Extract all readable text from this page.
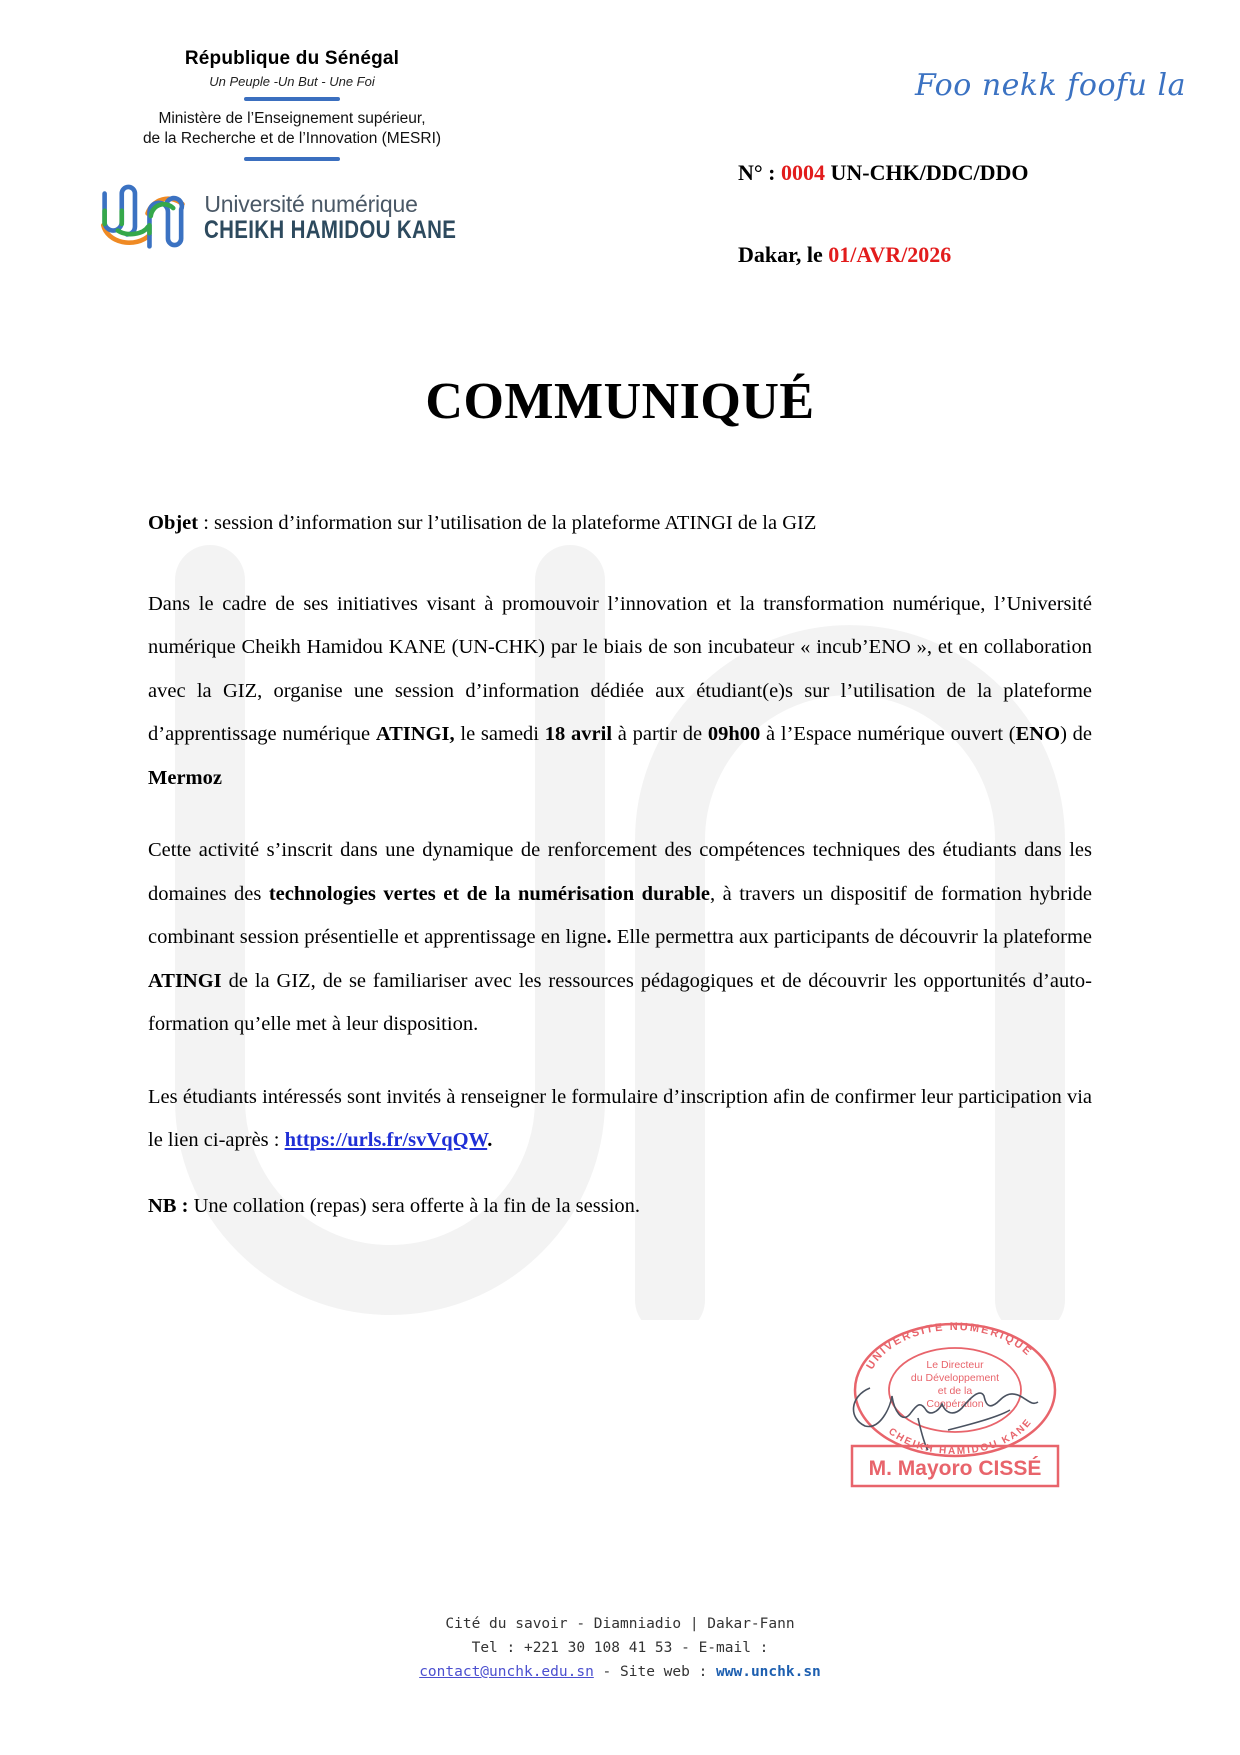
République du Sénégal
Un Peuple -Un But - Une Foi
Ministère de l’Enseignement supérieur,
de la Recherche et de l’Innovation (MESRI)
Université numérique
CHEIKH HAMIDOU KANE
Foo nekk foofu la
N° : 0004 UN-CHK/DDC/DDO
Dakar, le 01/AVR/2026
COMMUNIQUÉ

Objet : session d’information sur l’utilisation de la plateforme ATINGI de la GIZ

Dans le cadre de ses initiatives visant à promouvoir l’innovation et la transformation numérique, l’Université numérique Cheikh Hamidou KANE (UN-CHK) par le biais de son incubateur « incub’ENO », et en collaboration avec la GIZ, organise une session d’information dédiée aux étudiant(e)s sur l’utilisation de la plateforme d’apprentissage numérique ATINGI, le samedi 18 avril à partir de 09h00 à l’Espace numérique ouvert (ENO) de Mermoz

Cette activité s’inscrit dans une dynamique de renforcement des compétences techniques des étudiants dans les domaines des technologies vertes et de la numérisation durable, à travers un dispositif de formation hybride combinant session présentielle et apprentissage en ligne. Elle permettra aux participants de découvrir la plateforme ATINGI de la GIZ, de se familiariser avec les ressources pédagogiques et de découvrir les opportunités d’auto-formation qu’elle met à leur disposition.

Les étudiants intéressés sont invités à renseigner le formulaire d’inscription afin de confirmer leur participation via le lien ci-après : https://urls.fr/svVqQW.

NB : Une collation (repas) sera offerte à la fin de la session.

UNIVERSITE NUMERIQUE
CHEIKH HAMIDOU KANE
Le Directeur
du Développement
et de la
Coopération
M. Mayoro CISSÉ
Cité du savoir - Diamniadio | Dakar-Fann
Tel : +221 30 108 41 53 - E-mail :
contact@unchk.edu.sn - Site web : www.unchk.sn
